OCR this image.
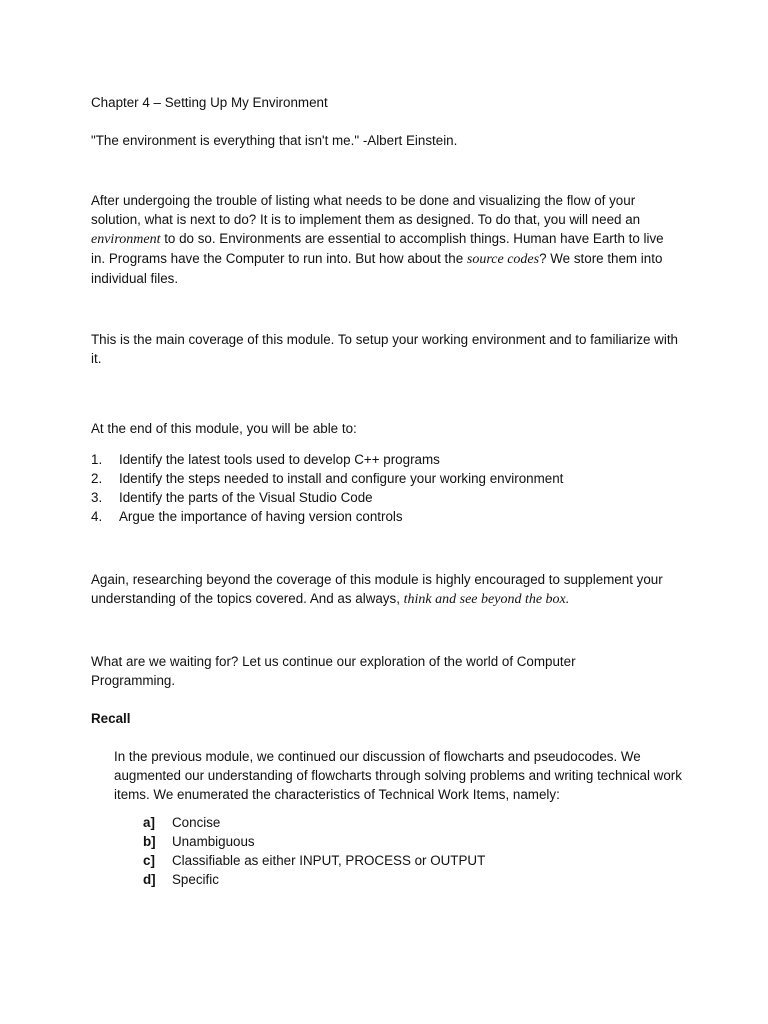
Chapter 4 – Setting Up My Environment

"The environment is everything that isn't me." -Albert Einstein.

After undergoing the trouble of listing what needs to be done and visualizing the flow of your solution, what is next to do? It is to implement them as designed. To do that, you will need an environment to do so. Environments are essential to accomplish things. Human have Earth to live in. Programs have the Computer to run into. But how about the source codes? We store them into individual files.

This is the main coverage of this module. To setup your working environment and to familiarize with it.

At the end of this module, you will be able to:

1. Identify the latest tools used to develop C++ programs
2. Identify the steps needed to install and configure your working environment
3. Identify the parts of the Visual Studio Code
4. Argue the importance of having version controls

Again, researching beyond the coverage of this module is highly encouraged to supplement your understanding of the topics covered. And as always, think and see beyond the box.

What are we waiting for? Let us continue our exploration of the world of Computer Programming.

Recall

In the previous module, we continued our discussion of flowcharts and pseudocodes. We augmented our understanding of flowcharts through solving problems and writing technical work items. We enumerated the characteristics of Technical Work Items, namely:

a] Concise
b] Unambiguous
c] Classifiable as either INPUT, PROCESS or OUTPUT
d] Specific
